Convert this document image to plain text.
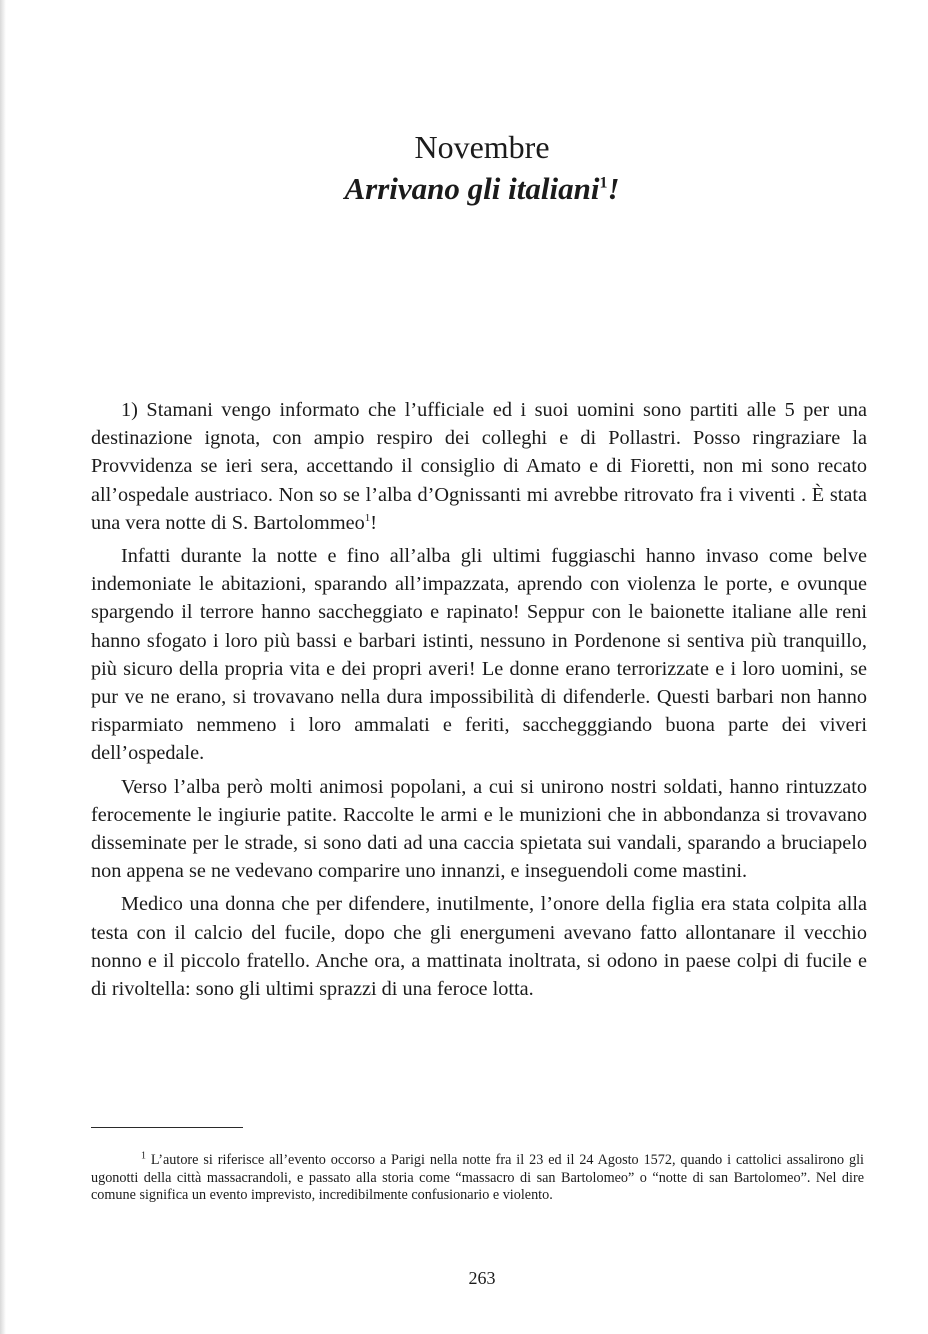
Novembre
Arrivano gli italiani$^1$!

1) Stamani vengo informato che l’ufficiale ed i suoi uomini sono partiti alle 5 per una destinazione ignota, con ampio respiro dei colleghi e di Pollastri. Posso ringraziare la Provvidenza se ieri sera, accettando il consiglio di Amato e di Fioretti, non mi sono recato all’ospedale austriaco. Non so se l’alba d’Ognissanti mi avrebbe ritrovato fra i viventi . È stata una vera notte di S. Bartolommeo$^1$!

Infatti durante la notte e fino all’alba gli ultimi fuggiaschi hanno invaso come belve indemoniate le abitazioni, sparando all’impazzata, aprendo con violenza le porte, e ovunque spargendo il terrore hanno saccheggiato e rapinato! Seppur con le baionette italiane alle reni hanno sfogato i loro più bassi e barbari istinti, nessuno in Pordenone si sentiva più tranquillo, più sicuro della propria vita e dei propri averi! Le donne erano terrorizzate e i loro uomini, se pur ve ne erano, si trovavano nella dura impossibilità di difenderle. Questi barbari non hanno risparmiato nemmeno i loro ammalati e feriti, sacchegggiando buona parte dei viveri dell’ospedale.

Verso l’alba però molti animosi popolani, a cui si unirono nostri soldati, hanno rintuzzato ferocemente le ingiurie patite. Raccolte le armi e le munizioni che in abbondanza si trovavano disseminate per le strade, si sono dati ad una caccia spietata sui vandali, sparando a bruciapelo non appena se ne vedevano comparire uno innanzi, e inseguendoli come mastini.

Medico una donna che per difendere, inutilmente, l’onore della figlia era stata colpita alla testa con il calcio del fucile, dopo che gli energumeni avevano fatto allontanare il vecchio nonno e il piccolo fratello. Anche ora, a mattinata inoltrata, si odono in paese colpi di fucile e di rivoltella: sono gli ultimi sprazzi di una feroce lotta.

$^1$ L’autore si riferisce all’evento occorso a Parigi nella notte fra il 23 ed il 24 Agosto 1572, quando i cattolici assalirono gli ugonotti della città massacrandoli, e passato alla storia come “massacro di san Bartolomeo” o “notte di san Bartolomeo”. Nel dire comune significa un evento imprevisto, incredibilmente confusionario e violento.

263
